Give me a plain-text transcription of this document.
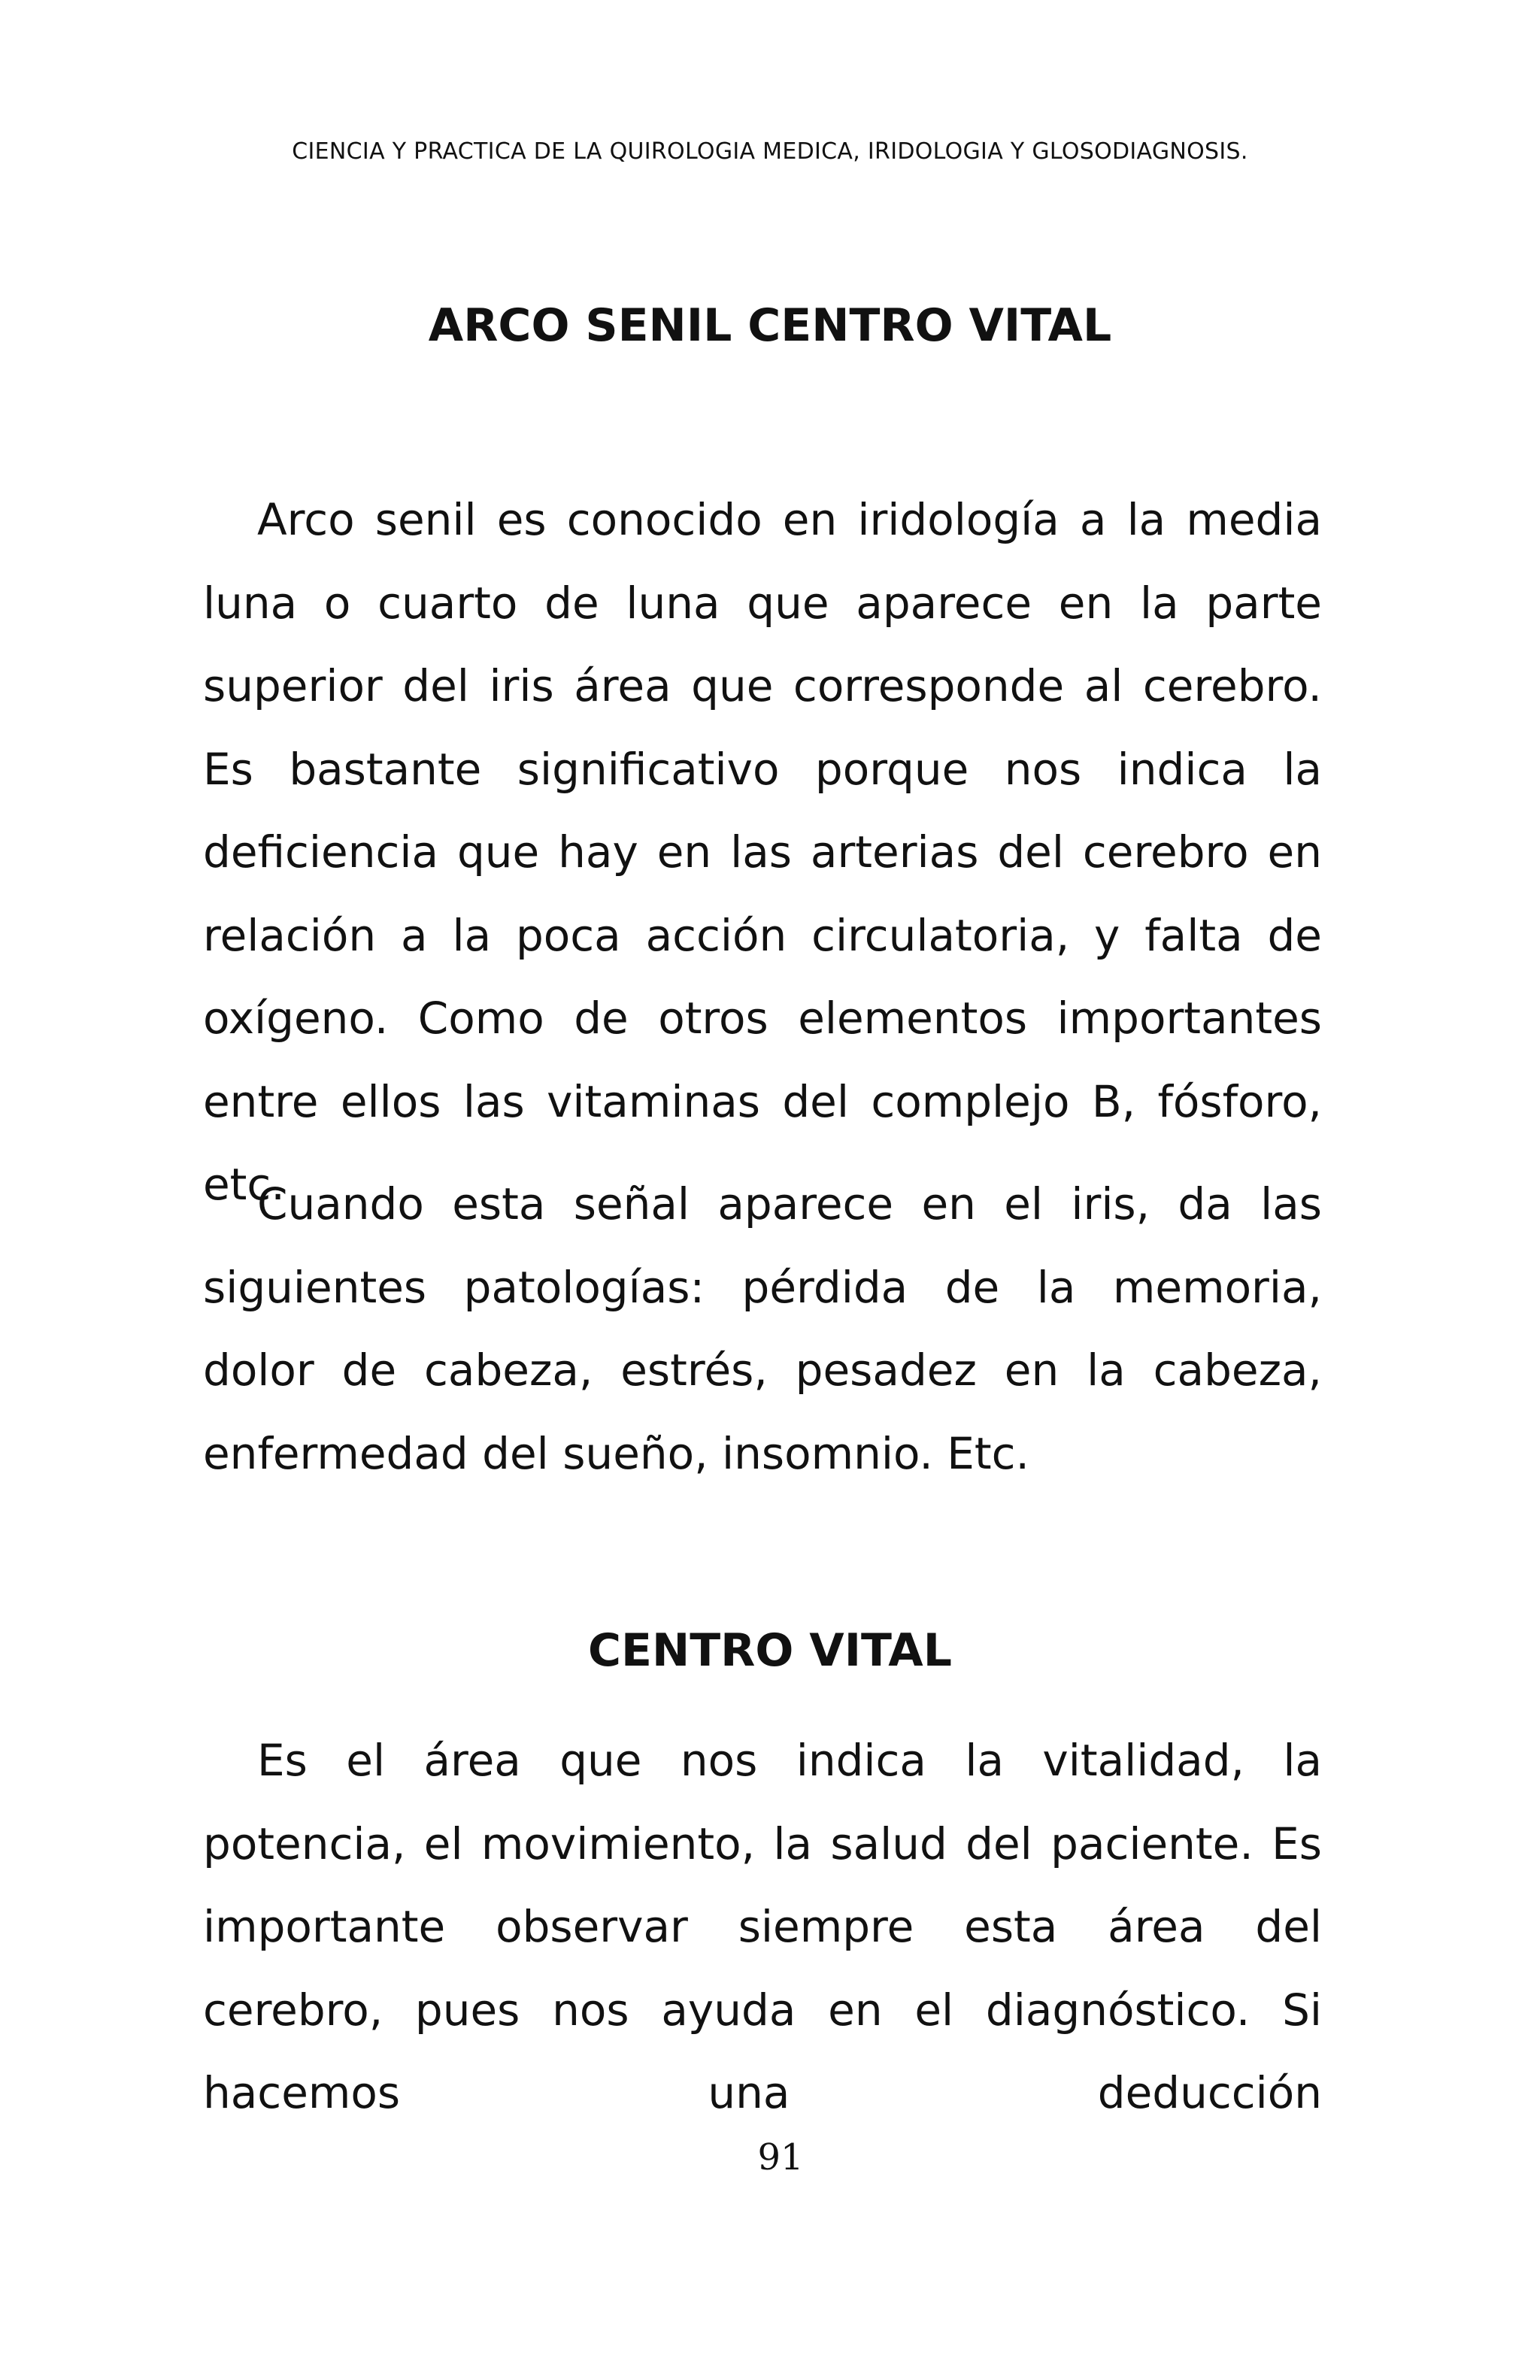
CIENCIA Y PRACTICA DE LA QUIROLOGIA MEDICA, IRIDOLOGIA Y GLOSODIAGNOSIS.
ARCO SENIL CENTRO VITAL

Arco senil es conocido en iridología a la media luna o cuarto de luna que aparece en la parte superior del iris área que corresponde al cerebro. Es bastante significativo porque nos indica la deficiencia que hay en las arterias del cerebro en relación a la poca acción circulatoria, y falta de oxígeno. Como de otros elementos importantes entre ellos las vitaminas del complejo B, fósforo, etc.

Cuando esta señal aparece en el iris, da las siguientes patologías: pérdida de la memoria, dolor de cabeza, estrés, pesadez en la cabeza, enfermedad del sueño, insomnio. Etc.

CENTRO VITAL

Es el área que nos indica la vitalidad, la potencia, el movimiento, la salud del paciente. Es importante observar siempre esta área del cerebro, pues nos ayuda en el diagnóstico. Si hacemos una deducción

91
